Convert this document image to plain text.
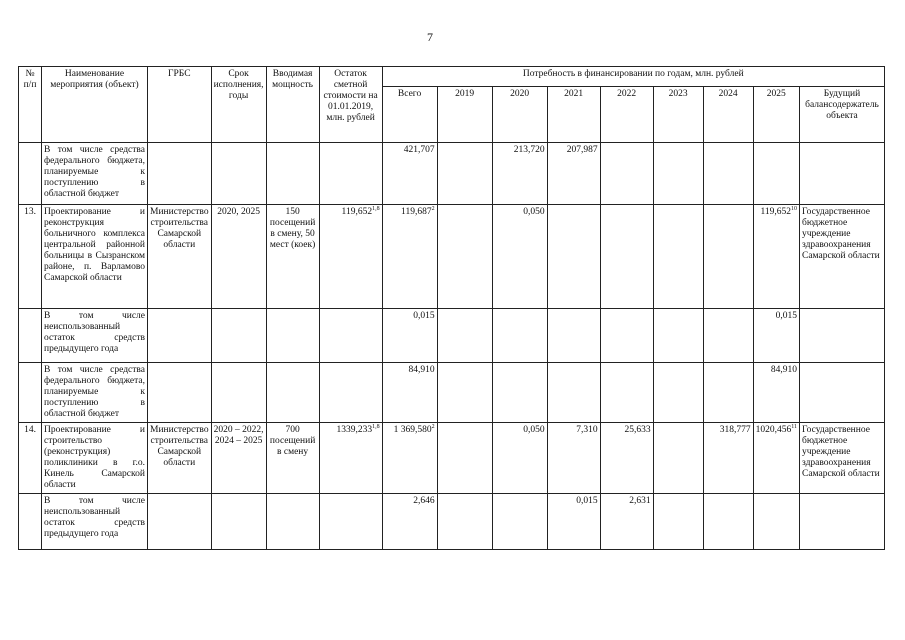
7
№ п/п	Наименование мероприятия (объект)	ГРБС	Срок исполнения, годы	Вводимая мощность	Остаток сметной стоимости на 01.01.2019, млн. рублей	Потребность в финансировании по годам, млн. рублей								
						Всего	2019	2020	2021	2022	2023	2024	2025	Будущий балансодержатель объекта
	В том числе средства федерального бюджета, планируемые к поступлению в областной бюджет					421,707		213,720	207,987					
13.	Проектирование и реконструкция больничного комплекса центральной районной больницы в Сызранском районе, п. Варламово Самарской области	Министерство строительства Самарской области	2020, 2025	150 посещений в смену, 50 мест (коек)	119,652$^{1,8}$	119,687$^2$		0,050					119,652$^{10}$	Государственное бюджетное учреждение здравоохранения Самарской области
	В том числе неиспользованный остаток средств предыдущего года					0,015							0,015	
	В том числе средства федерального бюджета, планируемые к поступлению в областной бюджет					84,910							84,910	
14.	Проектирование и строительство (реконструкция) поликлиники в г.о. Кинель Самарской области	Министерство строительства Самарской области	2020 – 2022, 2024 – 2025	700 посещений в смену	1339,233$^{1,8}$	1 369,580$^2$		0,050	7,310	25,633		318,777	1020,456$^{11}$	Государственное бюджетное учреждение здравоохранения Самарской области
	В том числе неиспользованный остаток средств предыдущего года					2,646			0,015	2,631				
